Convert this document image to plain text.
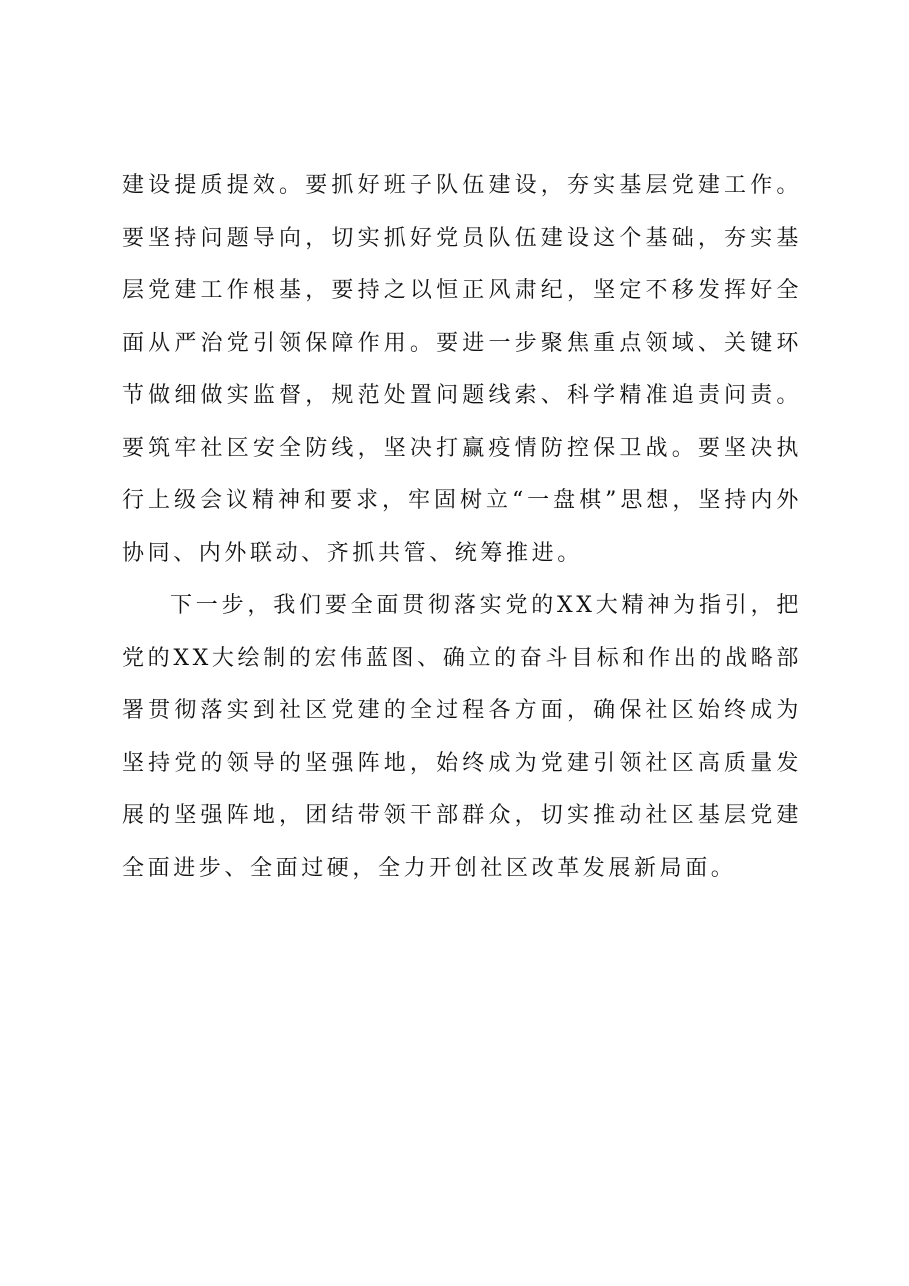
建设提质提效。要抓好班子队伍建设，夯实基层党建工作。要坚持问题导向，切实抓好党员队伍建设这个基础，夯实基层党建工作根基，要持之以恒正风肃纪，坚定不移发挥好全面从严治党引领保障作用。要进一步聚焦重点领域、关键环节做细做实监督，规范处置问题线索、科学精准追责问责。要筑牢社区安全防线，坚决打赢疫情防控保卫战。要坚决执行上级会议精神和要求，牢固树立“一盘棋”思想，坚持内外协同、内外联动、齐抓共管、统筹推进。

下一步，我们要全面贯彻落实党的XX大精神为指引，把党的XX大绘制的宏伟蓝图、确立的奋斗目标和作出的战略部署贯彻落实到社区党建的全过程各方面，确保社区始终成为坚持党的领导的坚强阵地，始终成为党建引领社区高质量发展的坚强阵地，团结带领干部群众，切实推动社区基层党建全面进步、全面过硬，全力开创社区改革发展新局面。
